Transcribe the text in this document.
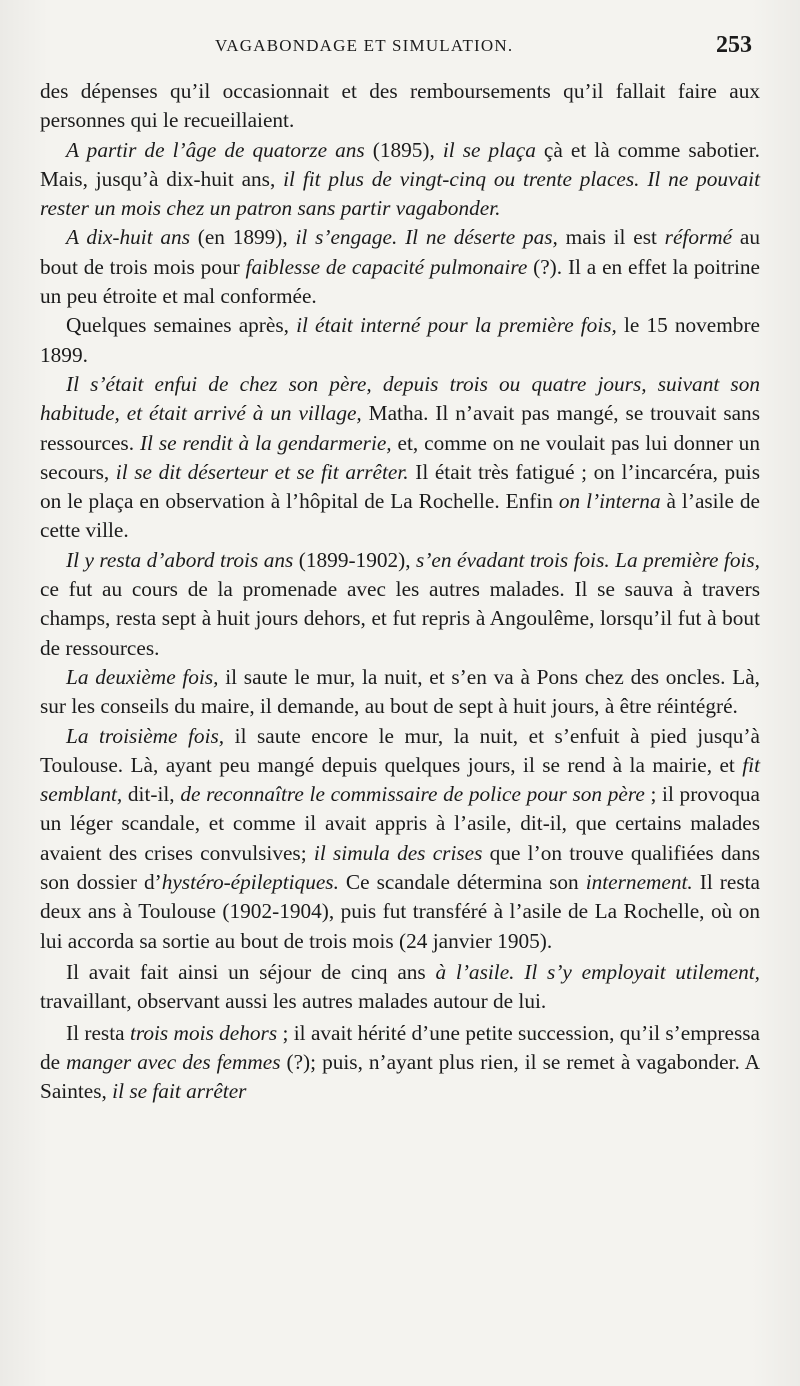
VAGABONDAGE ET SIMULATION.	253

des dépenses qu’il occasionnait et des remboursements qu’il fallait faire aux personnes qui le recueillaient.

A partir de l’âge de quatorze ans (1895), il se plaça çà et là comme sabotier. Mais, jusqu’à dix-huit ans, il fit plus de vingt-cinq ou trente places. Il ne pouvait rester un mois chez un patron sans partir vagabonder.

A dix-huit ans (en 1899), il s’engage. Il ne déserte pas, mais il est réformé au bout de trois mois pour faiblesse de capacité pulmonaire (?). Il a en effet la poitrine un peu étroite et mal conformée.

Quelques semaines après, il était interné pour la première fois, le 15 novembre 1899.

Il s’était enfui de chez son père, depuis trois ou quatre jours, suivant son habitude, et était arrivé à un village, Matha. Il n’avait pas mangé, se trouvait sans ressources. Il se rendit à la gendarmerie, et, comme on ne voulait pas lui donner un secours, il se dit déserteur et se fit arrêter. Il était très fatigué ; on l’incarcéra, puis on le plaça en observation à l’hôpital de La Rochelle. Enfin on l’interna à l’asile de cette ville.

Il y resta d’abord trois ans (1899-1902), s’en évadant trois fois. La première fois, ce fut au cours de la promenade avec les autres malades. Il se sauva à travers champs, resta sept à huit jours dehors, et fut repris à Angoulême, lorsqu’il fut à bout de ressources.

La deuxième fois, il saute le mur, la nuit, et s’en va à Pons chez des oncles. Là, sur les conseils du maire, il demande, au bout de sept à huit jours, à être réintégré.

La troisième fois, il saute encore le mur, la nuit, et s’enfuit à pied jusqu’à Toulouse. Là, ayant peu mangé depuis quelques jours, il se rend à la mairie, et fit semblant, dit-il, de reconnaître le commissaire de police pour son père ; il provoqua un léger scandale, et comme il avait appris à l’asile, dit-il, que certains malades avaient des crises convulsives; il simula des crises que l’on trouve qualifiées dans son dossier d’hystéro-épileptiques. Ce scandale détermina son internement. Il resta deux ans à Toulouse (1902-1904), puis fut transféré à l’asile de La Rochelle, où on lui accorda sa sortie au bout de trois mois (24 janvier 1905).

Il avait fait ainsi un séjour de cinq ans à l’asile. Il s’y employait utilement, travaillant, observant aussi les autres malades autour de lui.

Il resta trois mois dehors ; il avait hérité d’une petite succession, qu’il s’empressa de manger avec des femmes (?); puis, n’ayant plus rien, il se remet à vagabonder. A Saintes, il se fait arrêter
